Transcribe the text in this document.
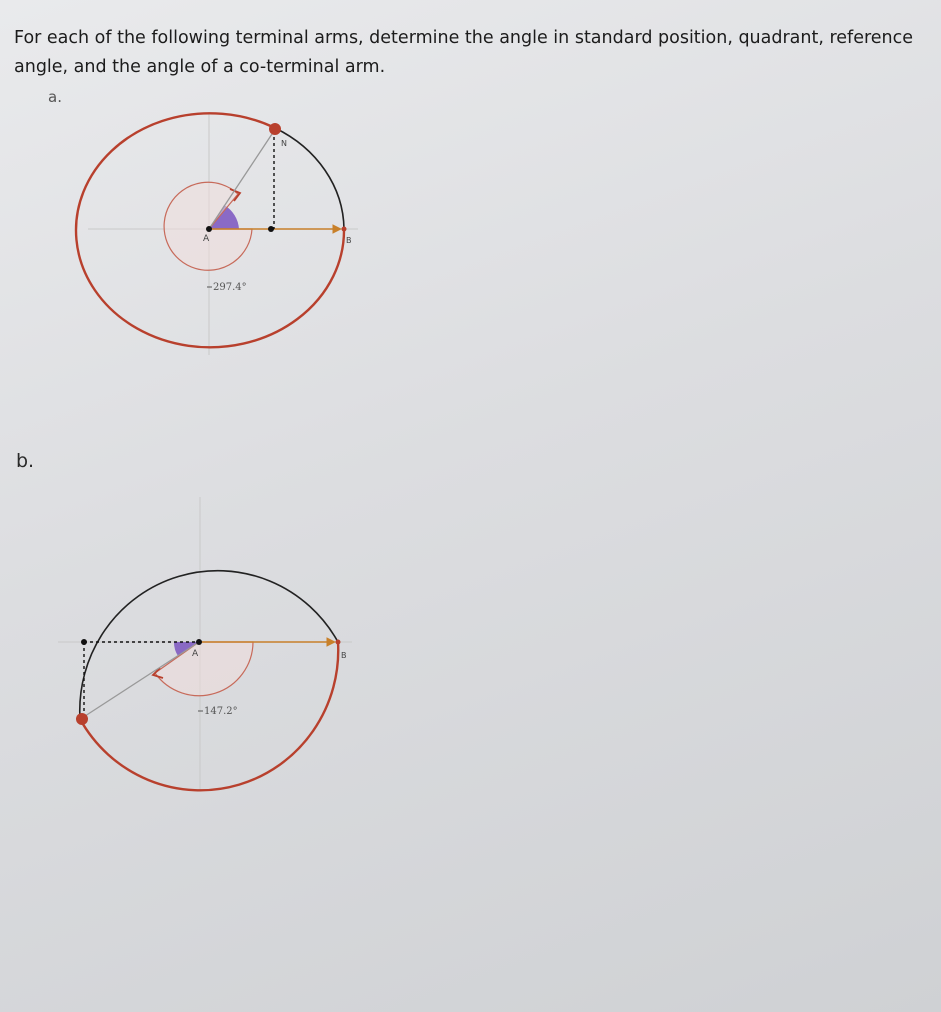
For each of the following terminal arms, determine the angle in standard position, quadrant, reference angle, and the angle of a co-terminal arm.

a.
b.
A	B
N
297.4°
A	B
147.2°
